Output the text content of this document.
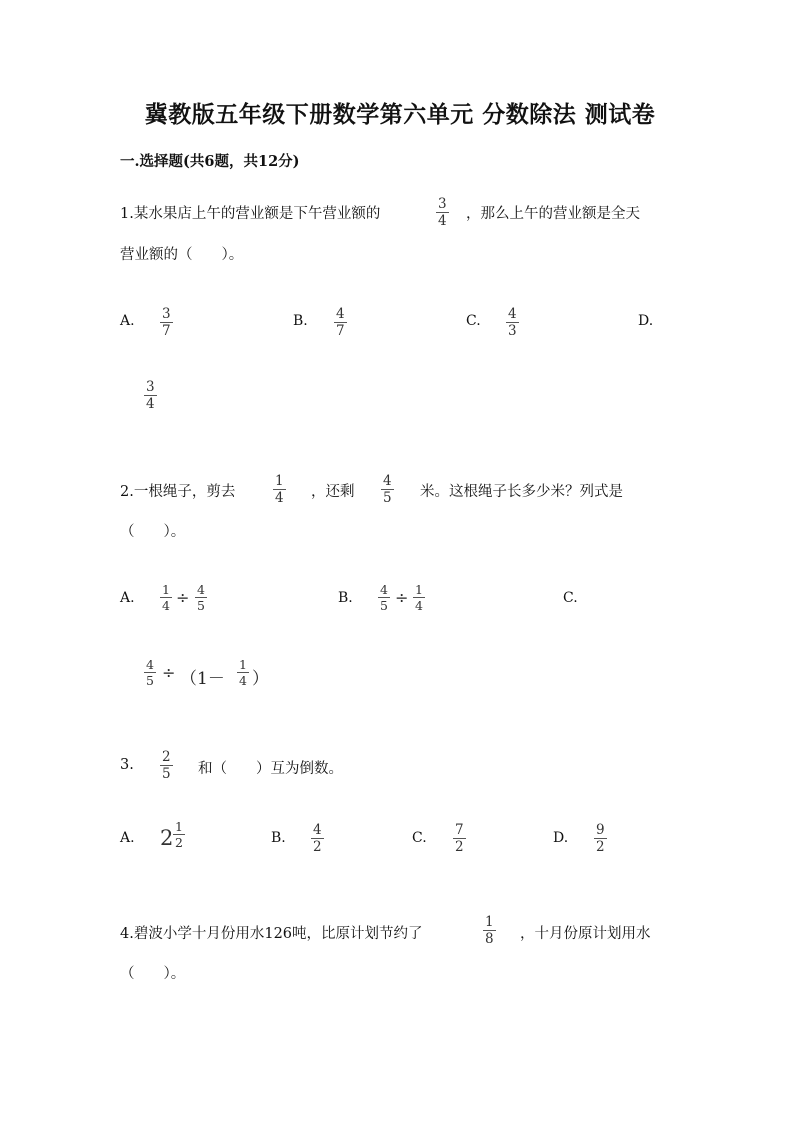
冀教版五年级下册数学第六单元 分数除法 测试卷
一.选择题(共6题，共12分)
1.某水果店上午的营业额是下午营业额的	$\frac{3}{4}$ ，那么上午的营业额是全天
营业额的（　　）。
A. $\frac{3}{7}$	B. $\frac{4}{7}$	C. $\frac{4}{3}$	D.
$\frac{3}{4}$
2.一根绳子，剪去	$\frac{1}{4}$ ，还剩 $\frac{4}{5}$ 米。这根绳子长多少米？列式是
（　　）。
A. $\frac{1}{4} \div \frac{4}{5}$	B. $\frac{4}{5} \div \frac{1}{4}$	C.
$\frac{4}{5} \div (1- \frac{1}{4}$ ）
3. $\frac{2}{5}$ 和（　　）互为倒数。
A. $2 \frac{1}{2}$	B. $\frac{4}{2}$	C. $\frac{7}{2}$	D. $\frac{9}{2}$
4.碧波小学十月份用水126吨，比原计划节约了	$\frac{1}{8}$ ，十月份原计划用水
（　　）。
